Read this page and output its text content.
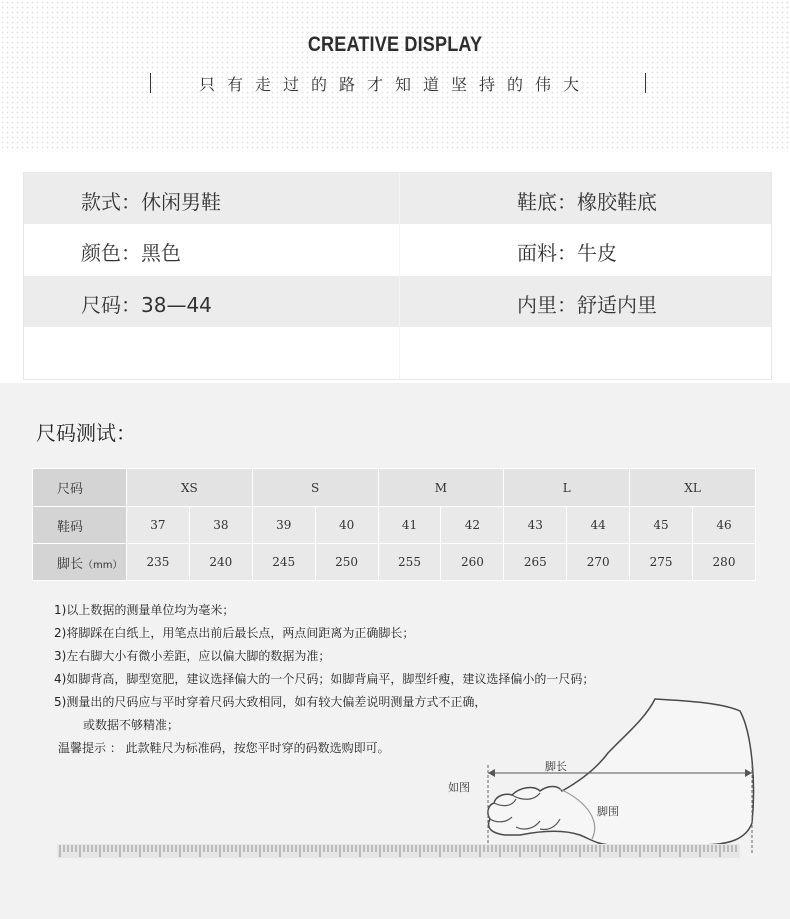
CREATIVE DISPLAY
只有走过的路才知道坚持的伟大
款式：休闲男鞋	鞋底：橡胶鞋底
颜色：黑色	面料：牛皮
尺码：38—44	内里：舒适内里
尺码测试：
尺码	XS		S		M		L		XL	
鞋码	37	38	39	40	41	42	43	44	45	46
脚长（mm）	235	240	245	250	255	260	265	270	275	280
脚长
脚围
如图
1)以上数据的测量单位均为毫米；
2)将脚踩在白纸上，用笔点出前后最长点，两点间距离为正确脚长；
3)左右脚大小有微小差距，应以偏大脚的数据为准；
4)如脚背高，脚型宽肥，建议选择偏大的一个尺码；如脚背扁平，脚型纤瘦，建议选择偏小的一尺码；
5)测量出的尺码应与平时穿着尺码大致相同，如有较大偏差说明测量方式不正确，
或数据不够精准；
温馨提示 ： 此款鞋尺为标准码，按您平时穿的码数选购即可。
